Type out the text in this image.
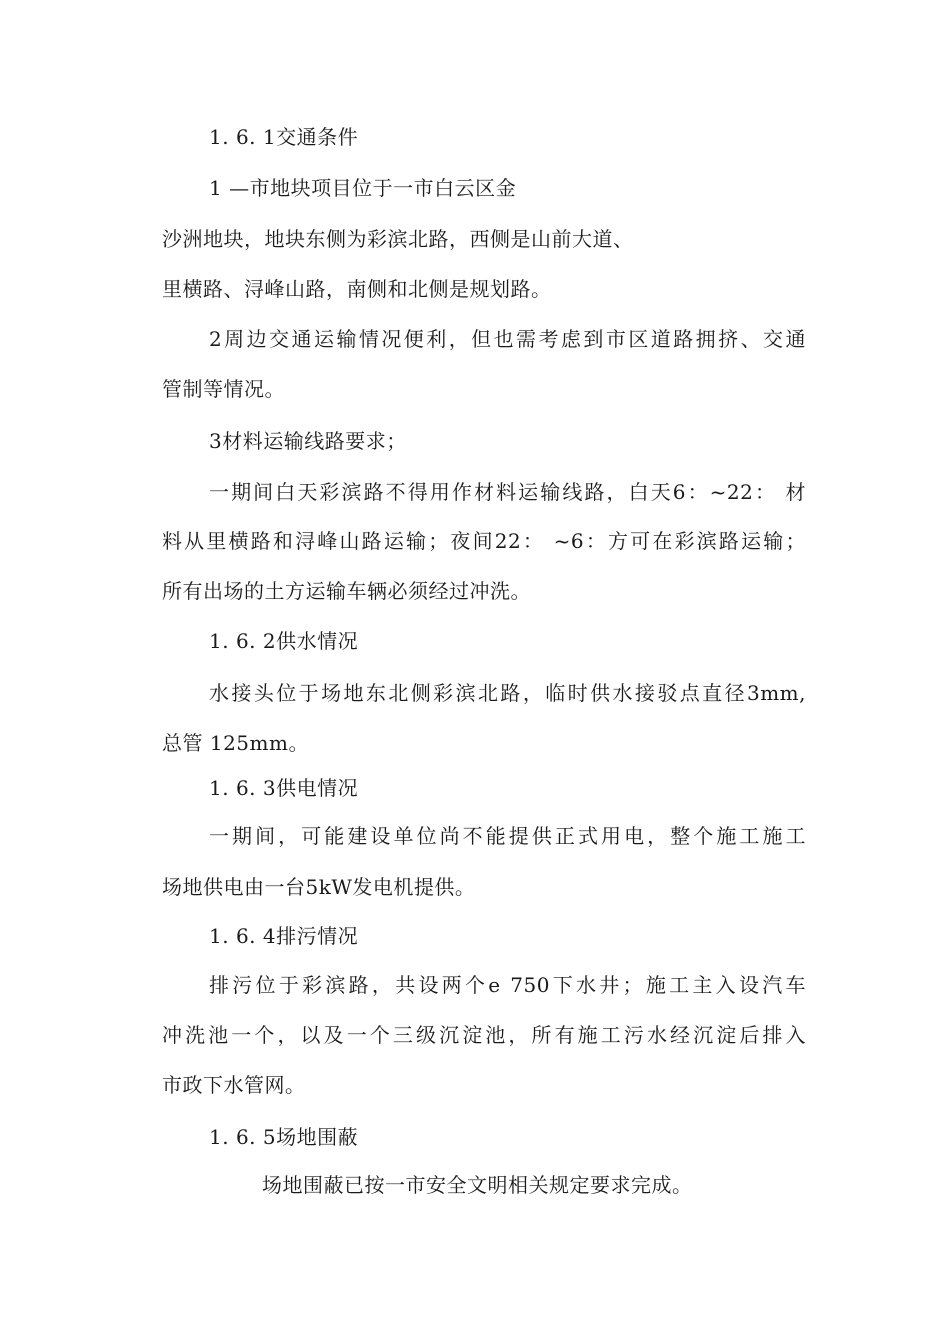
1. 6. 1交通条件
1 —市地块项目位于一市白云区金
沙洲地块，地块东侧为彩滨北路，西侧是山前大道、
里横路、浔峰山路，南侧和北侧是规划路。
2周边交通运输情况便利，但也需考虑到市区道路拥挤、交通
管制等情况。
3材料运输线路要求；
一期间白天彩滨路不得用作材料运输线路，白天6：~22： 材
料从里横路和浔峰山路运输；夜间22： ~6：方可在彩滨路运输；
所有出场的土方运输车辆必须经过冲洗。
1. 6. 2供水情况
水接头位于场地东北侧彩滨北路，临时供水接驳点直径3mm,
总管 125mm。
1. 6. 3供电情况
一期间，可能建设单位尚不能提供正式用电，整个施工施工
场地供电由一台5kW发电机提供。
1. 6. 4排污情况
排污位于彩滨路，共设两个e 750下水井；施工主入设汽车
冲洗池一个，以及一个三级沉淀池，所有施工污水经沉淀后排入
市政下水管网。
1. 6. 5场地围蔽
场地围蔽已按一市安全文明相关规定要求完成。
